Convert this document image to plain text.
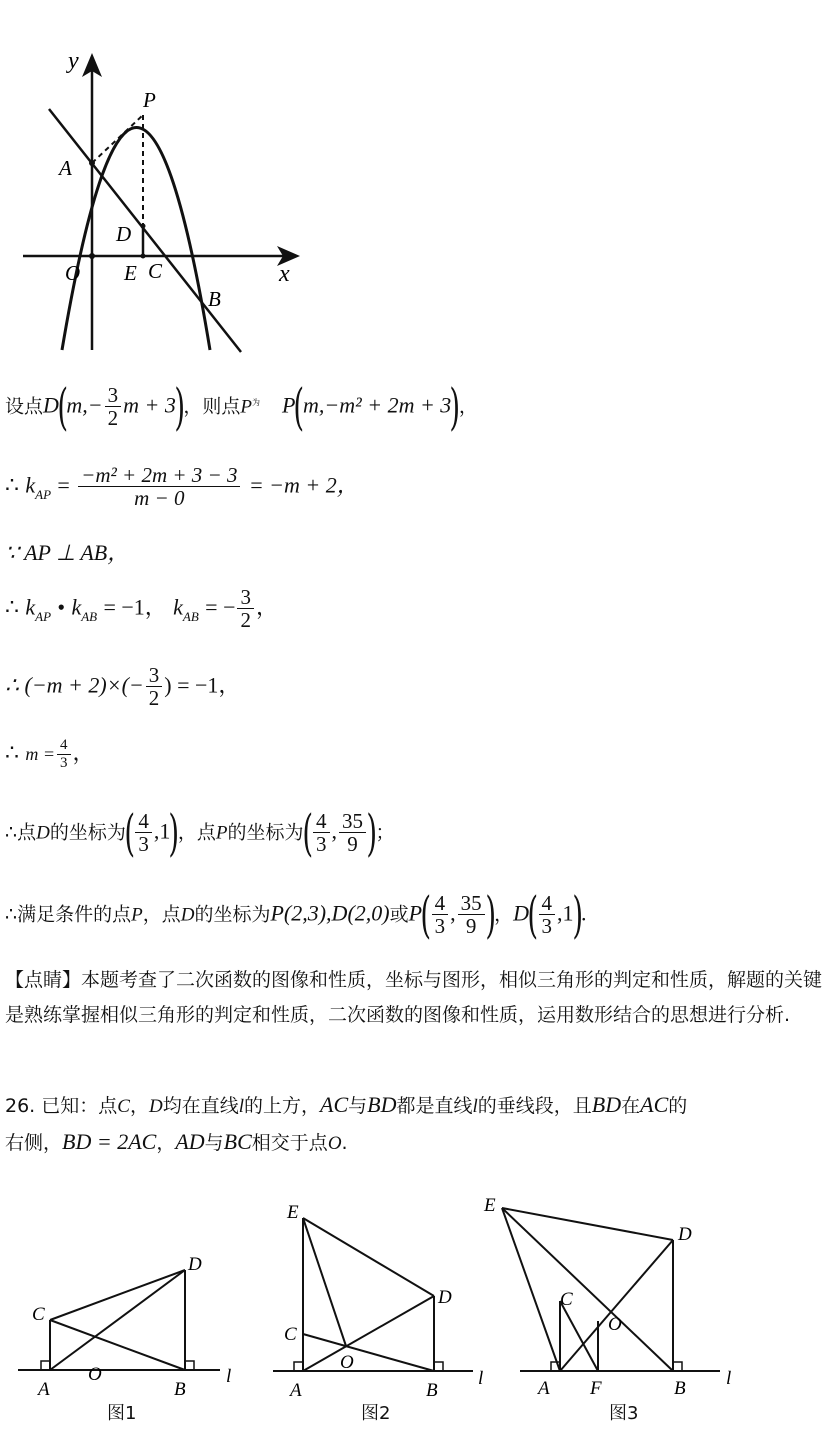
y
x
P
A
D
O E C
B
设点$D(m,- \frac{3}{2}$ m + 3)，则点$P^为$ P(m,−m² + 2m + 3)，
∴ $k_{AP} = \frac{\text{−m² + 2m + 3 − 3}}{m - 0} = -m + 2$，
∵ AP ⊥ AB，
∴ $k_{AP}$ • $k_{AB} = -1$， $k_{AB}$ = − $\frac{3}{2}$ ，
∴ $(-m + 2)\times(- \frac{3}{2}$ ) = −1，
∴ $m = \frac{4}{3}$ ，
∴点D的坐标为( $\frac{4}{3} ,1$)，点P的坐标为( $\frac{4}{3}$ , $\frac{35}{9}$ )；
∴满足条件的点P，点D的坐标为P(2,3),D(2,0)或$P( \frac{4}{3}$ , $\frac{35}{9}$ )，$D( \frac{4}{3} ,1)$.
【点睛】本题考查了二次函数的图像和性质，坐标与图形，相似三角形的判定和性质，解题的关键是熟练掌握相似三角形的判定和性质，二次函数的图像和性质，运用数形结合的思想进行分析.
26. 已知：点C，D均在直线l的上方，AC与BD都是直线l的垂线段，且BD在AC的
右侧，BD = 2AC，AD与BC相交于点O.
C
D
O
A	B
l
图1
E
D
C
O
A	B
l
图2
E
D
C
O
A F	B l
图3
